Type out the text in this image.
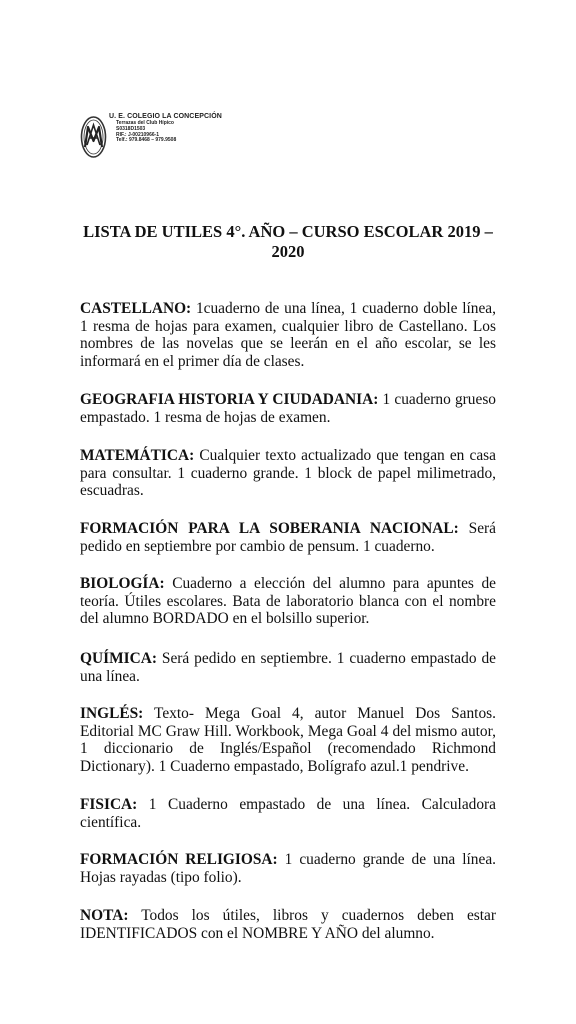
U. E. COLEGIO LA CONCEPCIÓN
Terrazas del Club Hípico
S0318D1503
RIF.: J-00210966-1
Telf.: 979.8468 – 979.9508
LISTA DE UTILES 4°. AÑO – CURSO ESCOLAR 2019 – 2020

CASTELLANO: 1cuaderno de una línea, 1 cuaderno doble línea, 1 resma de hojas para examen, cualquier libro de Castellano. Los nombres de las novelas que se leerán en el año escolar, se les informará en el primer día de clases.

GEOGRAFIA HISTORIA Y CIUDADANIA: 1 cuaderno grueso empastado. 1 resma de hojas de examen.

MATEMÁTICA: Cualquier texto actualizado que tengan en casa para consultar. 1 cuaderno grande. 1 block de papel milimetrado, escuadras.

FORMACIÓN PARA LA SOBERANIA NACIONAL: Será pedido en septiembre por cambio de pensum. 1 cuaderno.

BIOLOGÍA: Cuaderno a elección del alumno para apuntes de teoría. Útiles escolares. Bata de laboratorio blanca con el nombre del alumno BORDADO en el bolsillo superior.

QUÍMICA: Será pedido en septiembre. 1 cuaderno empastado de una línea.

INGLÉS: Texto- Mega Goal 4, autor Manuel Dos Santos. Editorial MC Graw Hill. Workbook, Mega Goal 4 del mismo autor, 1 diccionario de Inglés/Español (recomendado Richmond Dictionary). 1 Cuaderno empastado, Bolígrafo azul.1 pendrive.

FISICA: 1 Cuaderno empastado de una línea. Calculadora científica.

FORMACIÓN RELIGIOSA: 1 cuaderno grande de una línea. Hojas rayadas (tipo folio).

NOTA: Todos los útiles, libros y cuadernos deben estar IDENTIFICADOS con el NOMBRE Y AÑO del alumno.
